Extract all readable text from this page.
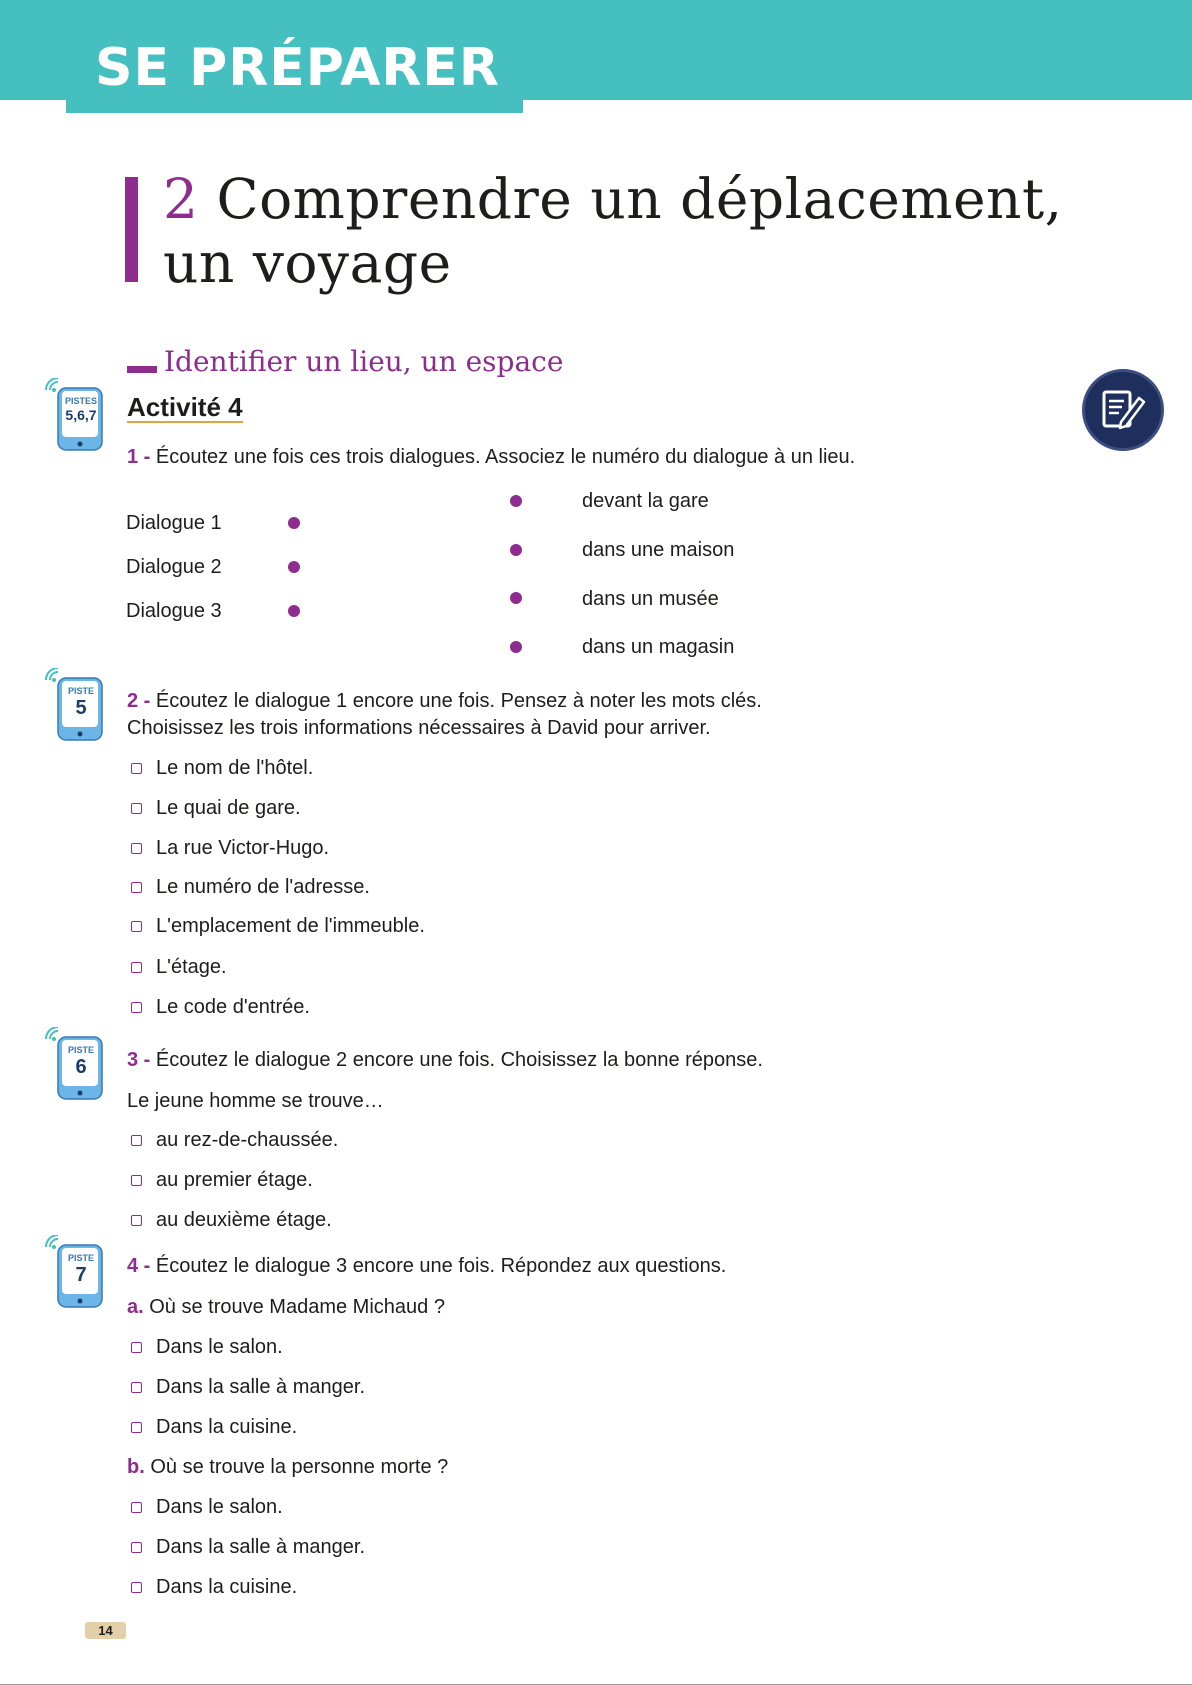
SE PRÉPARER
2 Comprendre un déplacement,
un voyage
Identifier un lieu, un espace
Activité 4
PISTES
5,6,7
PISTE
5
PISTE
6
PISTE
7
1 - Écoutez une fois ces trois dialogues. Associez le numéro du dialogue à un lieu.
Dialogue 1
Dialogue 2
Dialogue 3
devant la gare
dans une maison
dans un musée
dans un magasin
2 - Écoutez le dialogue 1 encore une fois. Pensez à noter les mots clés.
Choisissez les trois informations nécessaires à David pour arriver.
Le nom de l'hôtel.
Le quai de gare.
La rue Victor-Hugo.
Le numéro de l'adresse.
L'emplacement de l'immeuble.
L'étage.
Le code d'entrée.
3 - Écoutez le dialogue 2 encore une fois. Choisissez la bonne réponse.
Le jeune homme se trouve…
au rez-de-chaussée.
au premier étage.
au deuxième étage.
4 - Écoutez le dialogue 3 encore une fois. Répondez aux questions.
a. Où se trouve Madame Michaud ?
Dans le salon.
Dans la salle à manger.
Dans la cuisine.
b. Où se trouve la personne morte ?
Dans le salon.
Dans la salle à manger.
Dans la cuisine.
14
